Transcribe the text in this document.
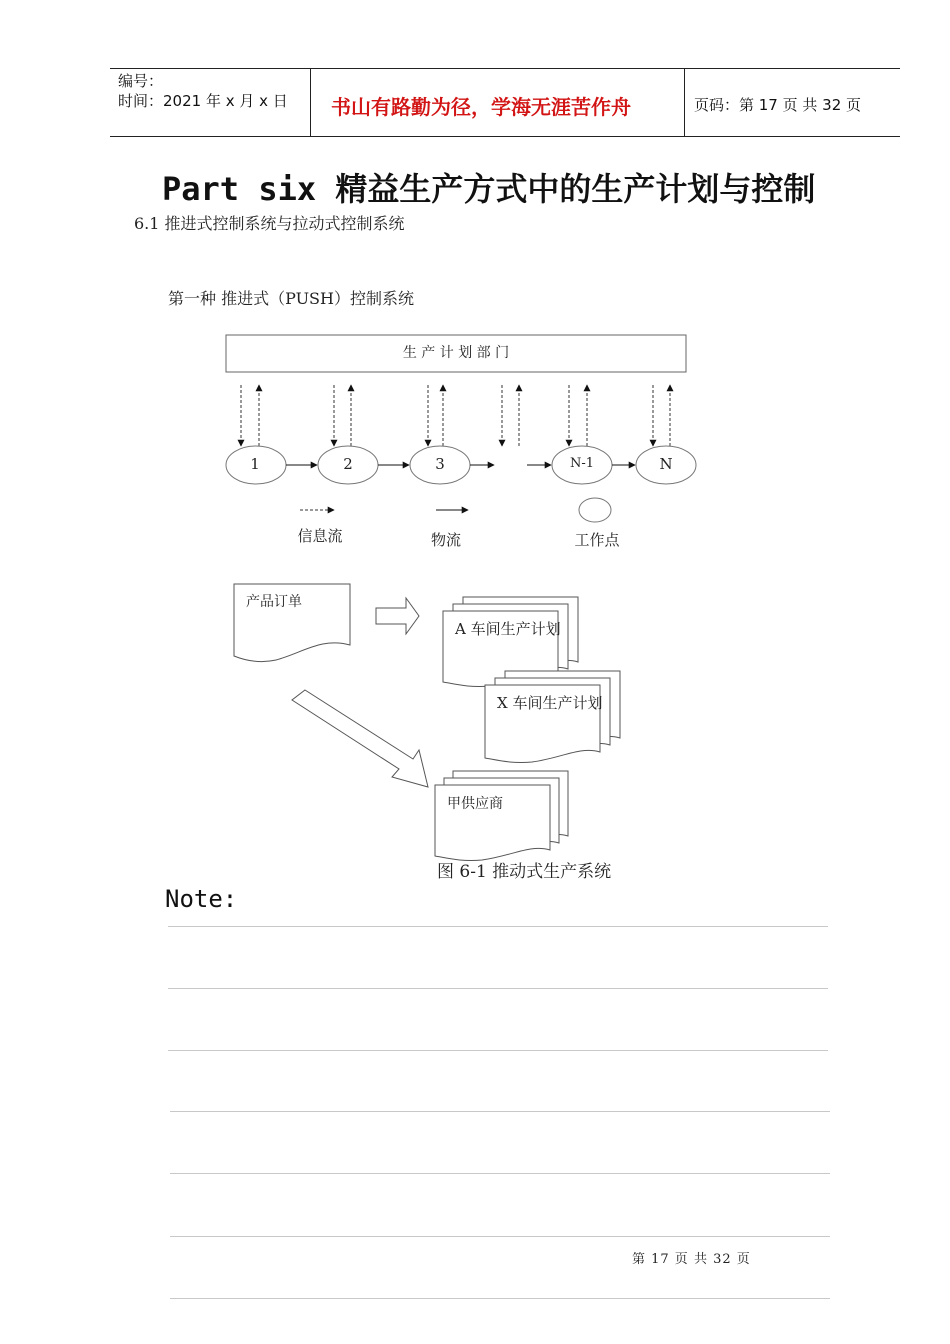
编号：
时间：2021 年 x 月 x 日 书山有路勤为径，学海无涯苦作舟	页码：第 17 页 共 32 页
Part six 精益生产方式中的生产计划与控制
6.1 推进式控制系统与拉动式控制系统
第一种 推进式（PUSH）控制系统
生 产 计 划 部 门
1	2	3	N-1	N
信息流	物流	工作点
产品订单
A 车间生产计划
X 车间生产计划
甲供应商
图 6-1 推动式生产系统
Note:
第 17 页 共 32 页
